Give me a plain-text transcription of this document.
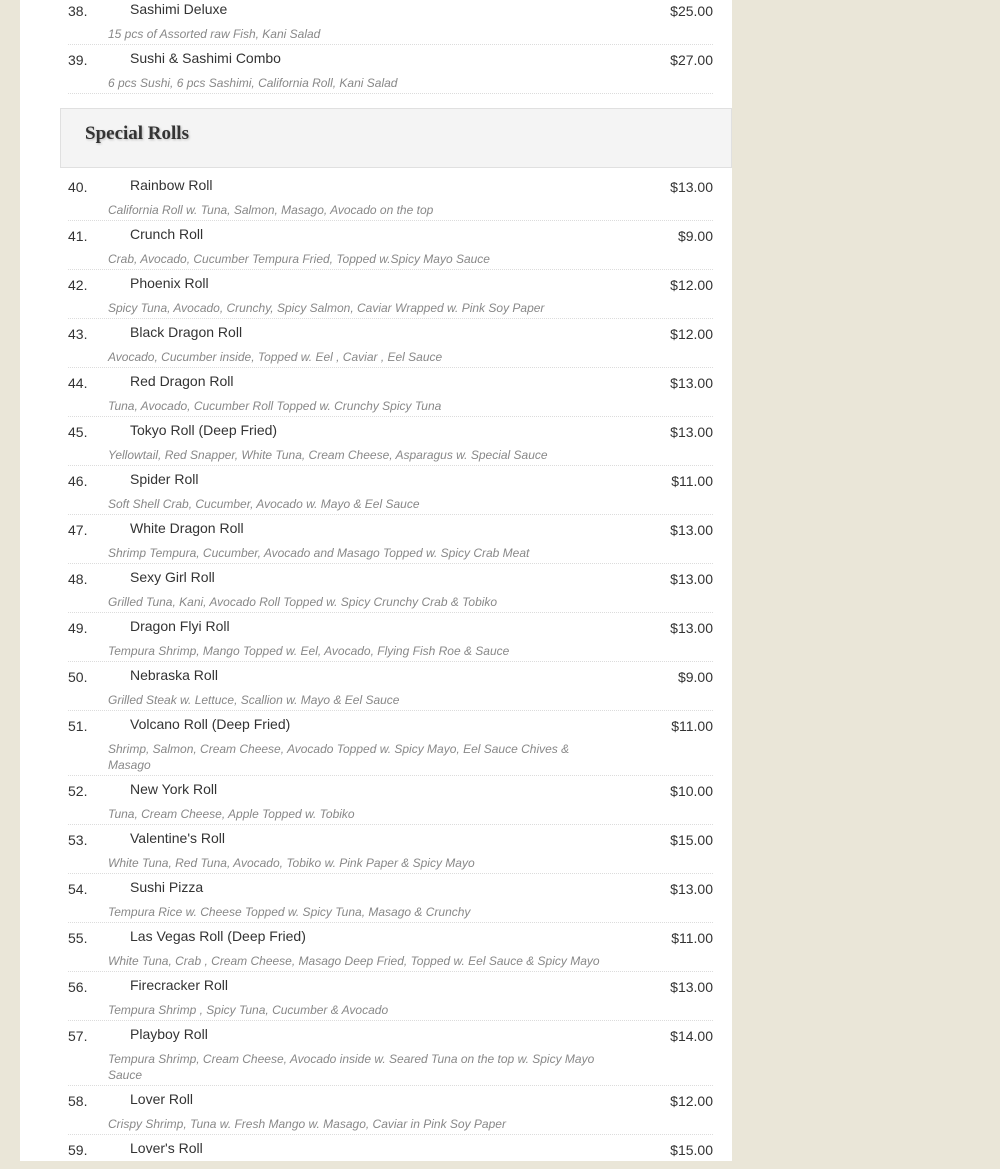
38.	Sashimi Deluxe	$25.00
15 pcs of Assorted raw Fish, Kani Salad
39.	Sushi & Sashimi Combo	$27.00
6 pcs Sushi, 6 pcs Sashimi, California Roll, Kani Salad
Special Rolls
40.	Rainbow Roll	$13.00
California Roll w. Tuna, Salmon, Masago, Avocado on the top
41.	Crunch Roll	$9.00
Crab, Avocado, Cucumber Tempura Fried, Topped w.Spicy Mayo Sauce
42.	Phoenix Roll	$12.00
Spicy Tuna, Avocado, Crunchy, Spicy Salmon, Caviar Wrapped w. Pink Soy Paper
43.	Black Dragon Roll	$12.00
Avocado, Cucumber inside, Topped w. Eel , Caviar , Eel Sauce
44.	Red Dragon Roll	$13.00
Tuna, Avocado, Cucumber Roll Topped w. Crunchy Spicy Tuna
45.	Tokyo Roll (Deep Fried)	$13.00
Yellowtail, Red Snapper, White Tuna, Cream Cheese, Asparagus w. Special Sauce
46.	Spider Roll	$11.00
Soft Shell Crab, Cucumber, Avocado w. Mayo & Eel Sauce
47.	White Dragon Roll	$13.00
Shrimp Tempura, Cucumber, Avocado and Masago Topped w. Spicy Crab Meat
48.	Sexy Girl Roll	$13.00
Grilled Tuna, Kani, Avocado Roll Topped w. Spicy Crunchy Crab & Tobiko
49.	Dragon Flyi Roll	$13.00
Tempura Shrimp, Mango Topped w. Eel, Avocado, Flying Fish Roe & Sauce
50.	Nebraska Roll	$9.00
Grilled Steak w. Lettuce, Scallion w. Mayo & Eel Sauce
51.	Volcano Roll (Deep Fried)	$11.00
Shrimp, Salmon, Cream Cheese, Avocado Topped w. Spicy Mayo, Eel Sauce Chives & Masago
52.	New York Roll	$10.00
Tuna, Cream Cheese, Apple Topped w. Tobiko
53.	Valentine's Roll	$15.00
White Tuna, Red Tuna, Avocado, Tobiko w. Pink Paper & Spicy Mayo
54.	Sushi Pizza	$13.00
Tempura Rice w. Cheese Topped w. Spicy Tuna, Masago & Crunchy
55.	Las Vegas Roll (Deep Fried)	$11.00
White Tuna, Crab , Cream Cheese, Masago Deep Fried, Topped w. Eel Sauce & Spicy Mayo
56.	Firecracker Roll	$13.00
Tempura Shrimp , Spicy Tuna, Cucumber & Avocado
57.	Playboy Roll	$14.00
Tempura Shrimp, Cream Cheese, Avocado inside w. Seared Tuna on the top w. Spicy Mayo Sauce
58.	Lover Roll	$12.00
Crispy Shrimp, Tuna w. Fresh Mango w. Masago, Caviar in Pink Soy Paper
59.	Lover's Roll	$15.00
